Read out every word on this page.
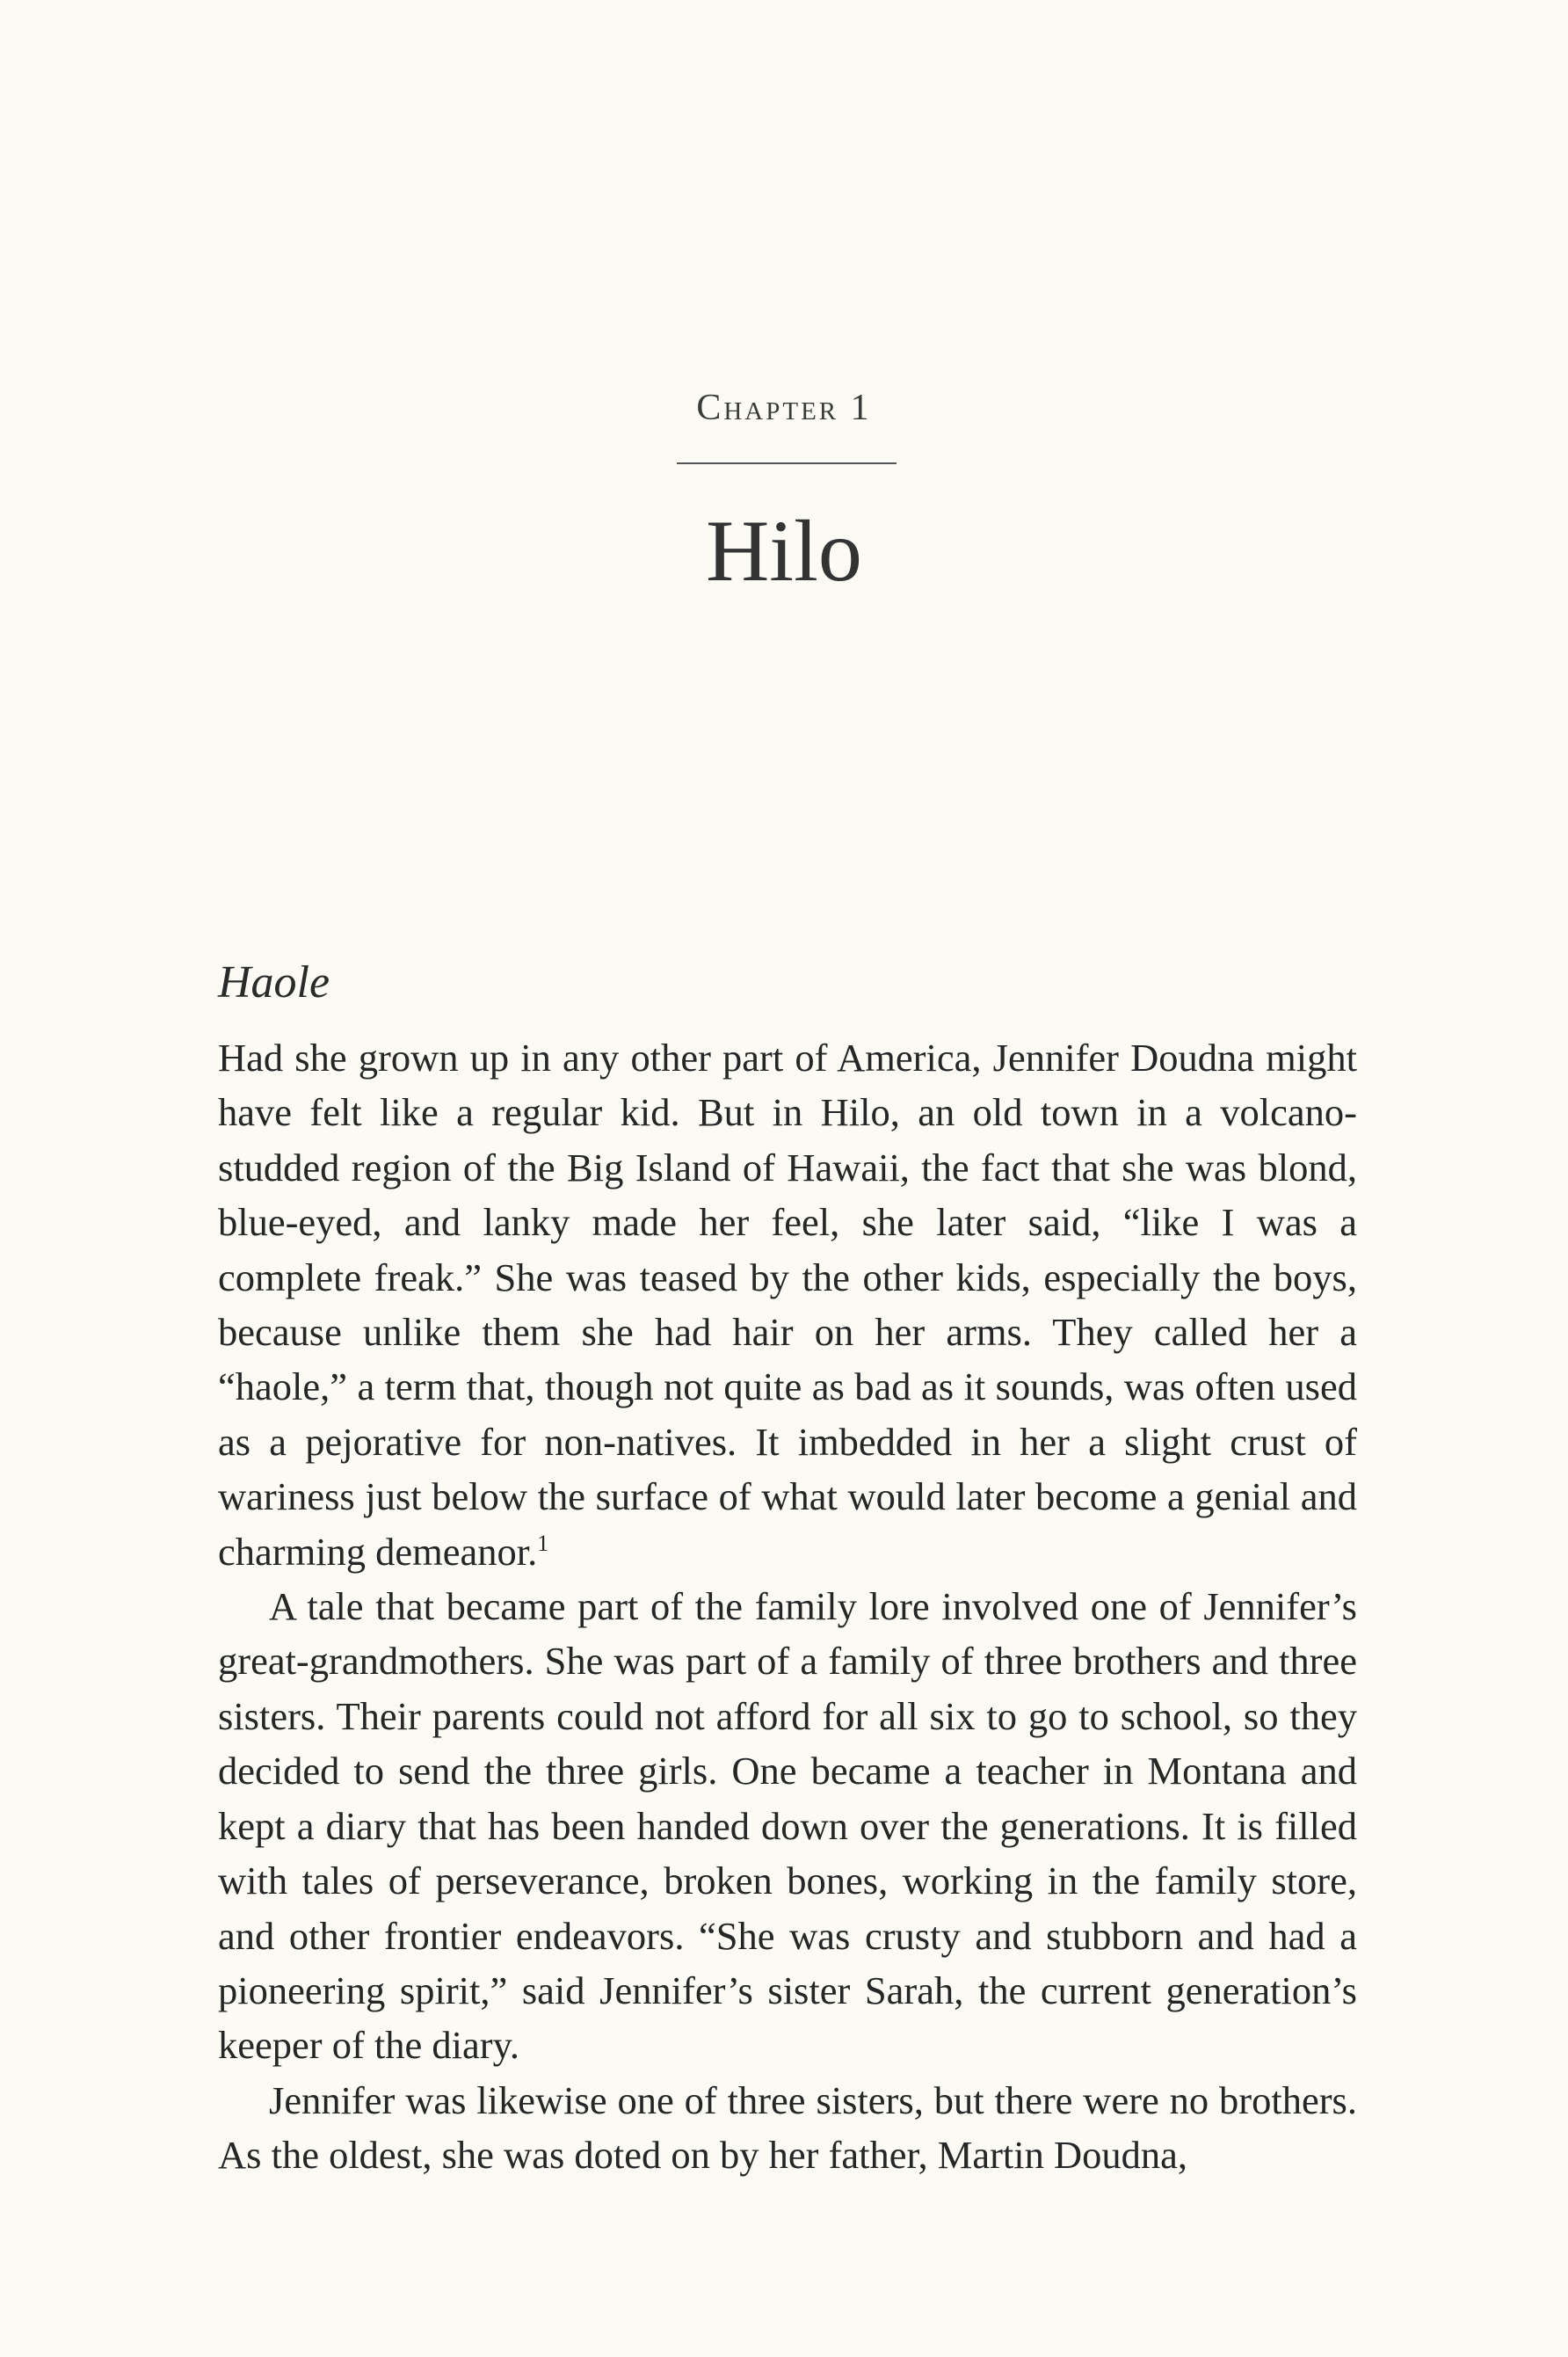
Chapter 1
Hilo
Haole

Had she grown up in any other part of America, Jennifer Doudna might have felt like a regular kid. But in Hilo, an old town in a volcano-studded region of the Big Island of Hawaii, the fact that she was blond, blue-eyed, and lanky made her feel, she later said, “like I was a complete freak.” She was teased by the other kids, especially the boys, because unlike them she had hair on her arms. They called her a “haole,” a term that, though not quite as bad as it sounds, was often used as a pejorative for non-natives. It imbedded in her a slight crust of wariness just below the surface of what would later become a genial and charming demeanor.$^1$

A tale that became part of the family lore involved one of Jennifer’s great-grandmothers. She was part of a family of three brothers and three sisters. Their parents could not afford for all six to go to school, so they decided to send the three girls. One became a teacher in Montana and kept a diary that has been handed down over the generations. It is filled with tales of perseverance, broken bones, working in the family store, and other frontier endeavors. “She was crusty and stubborn and had a pioneering spirit,” said Jennifer’s sister Sarah, the current generation’s keeper of the diary.

Jennifer was likewise one of three sisters, but there were no brothers. As the oldest, she was doted on by her father, Martin Doudna,
